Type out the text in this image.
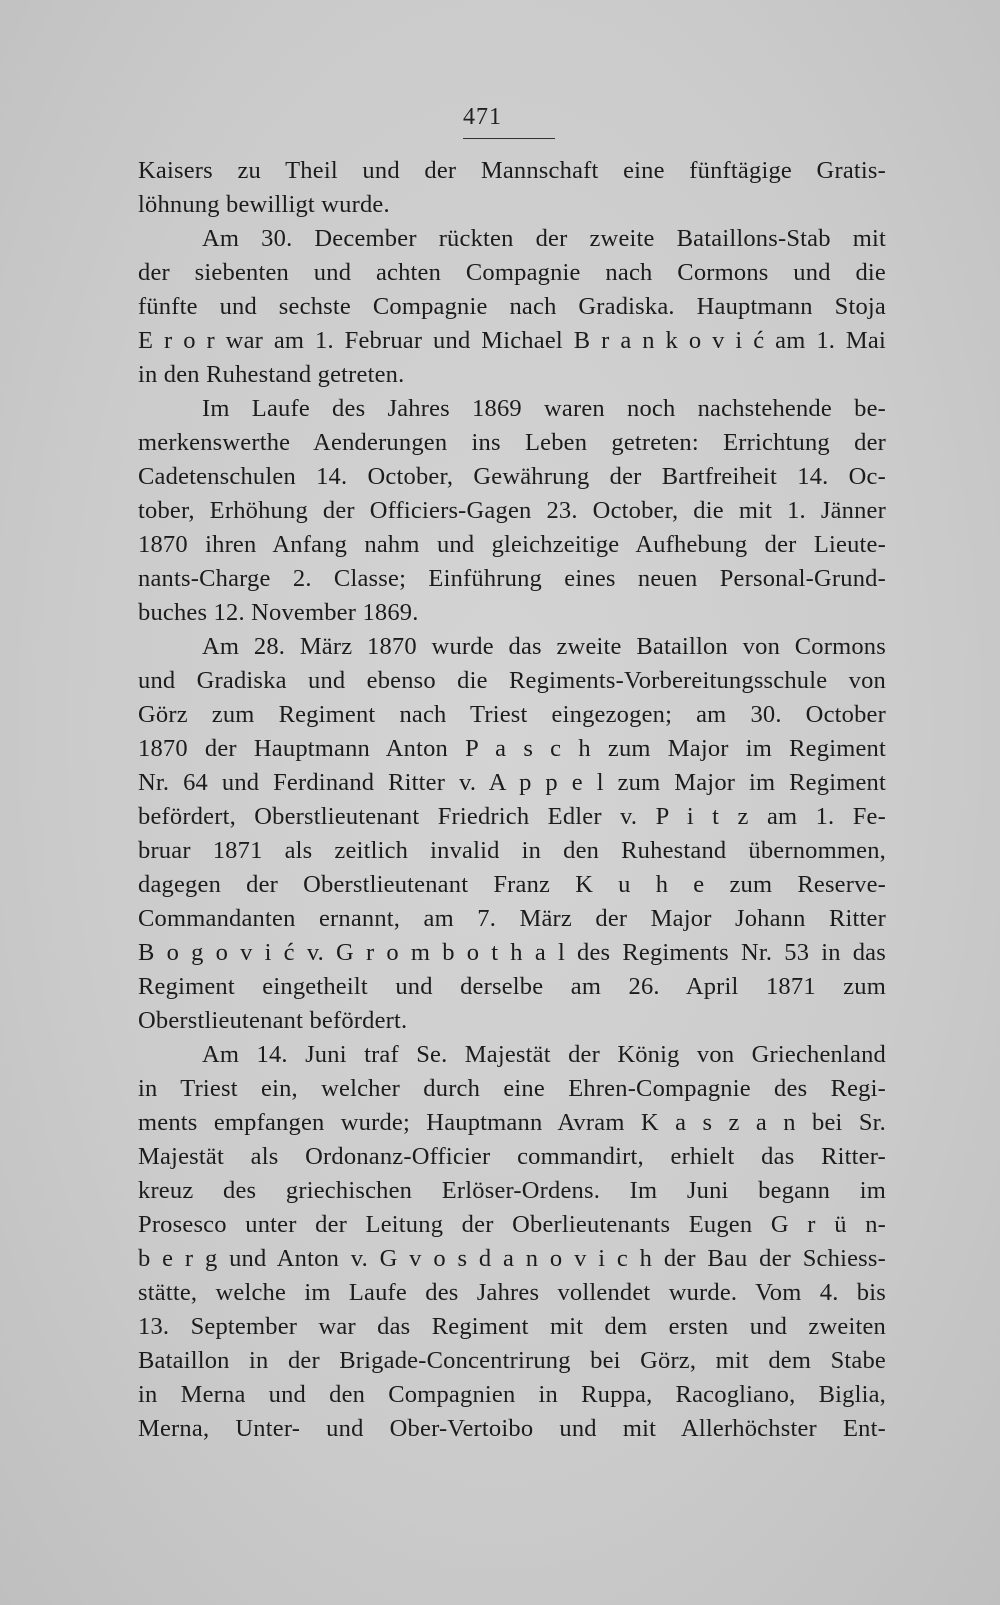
471
Kaisers zu Theil und der Mannschaft eine fünftägige Gratis-
löhnung bewilligt wurde.
Am 30. December rückten der zweite Bataillons-Stab mit
der siebenten und achten Compagnie nach Cormons und die
fünfte und sechste Compagnie nach Gradiska. Hauptmann Stoja
E r o r war am 1. Februar und Michael B r a n k o v i ć am 1. Mai
in den Ruhestand getreten.
Im Laufe des Jahres 1869 waren noch nachstehende be-
merkenswerthe Aenderungen ins Leben getreten: Errichtung der
Cadetenschulen 14. October, Gewährung der Bartfreiheit 14. Oc-
tober, Erhöhung der Officiers-Gagen 23. October, die mit 1. Jänner
1870 ihren Anfang nahm und gleichzeitige Aufhebung der Lieute-
nants-Charge 2. Classe; Einführung eines neuen Personal-Grund-
buches 12. November 1869.
Am 28. März 1870 wurde das zweite Bataillon von Cormons
und Gradiska und ebenso die Regiments-Vorbereitungsschule von
Görz zum Regiment nach Triest eingezogen; am 30. October
1870 der Hauptmann Anton P a s c h zum Major im Regiment
Nr. 64 und Ferdinand Ritter v. A p p e l zum Major im Regiment
befördert, Oberstlieutenant Friedrich Edler v. P i t z am 1. Fe-
bruar 1871 als zeitlich invalid in den Ruhestand übernommen,
dagegen der Oberstlieutenant Franz K u h e zum Reserve-
Commandanten ernannt, am 7. März der Major Johann Ritter
B o g o v i ć v. G r o m b o t h a l des Regiments Nr. 53 in das
Regiment eingetheilt und derselbe am 26. April 1871 zum
Oberstlieutenant befördert.
Am 14. Juni traf Se. Majestät der König von Griechenland
in Triest ein, welcher durch eine Ehren-Compagnie des Regi-
ments empfangen wurde; Hauptmann Avram K a s z a n bei Sr.
Majestät als Ordonanz-Officier commandirt, erhielt das Ritter-
kreuz des griechischen Erlöser-Ordens. Im Juni begann im
Prosesco unter der Leitung der Oberlieutenants Eugen G r ü n-
b e r g und Anton v. G v o s d a n o v i c h der Bau der Schiess-
stätte, welche im Laufe des Jahres vollendet wurde. Vom 4. bis
13. September war das Regiment mit dem ersten und zweiten
Bataillon in der Brigade-Concentrirung bei Görz, mit dem Stabe
in Merna und den Compagnien in Ruppa, Racogliano, Biglia,
Merna, Unter- und Ober-Vertoibo und mit Allerhöchster Ent-
